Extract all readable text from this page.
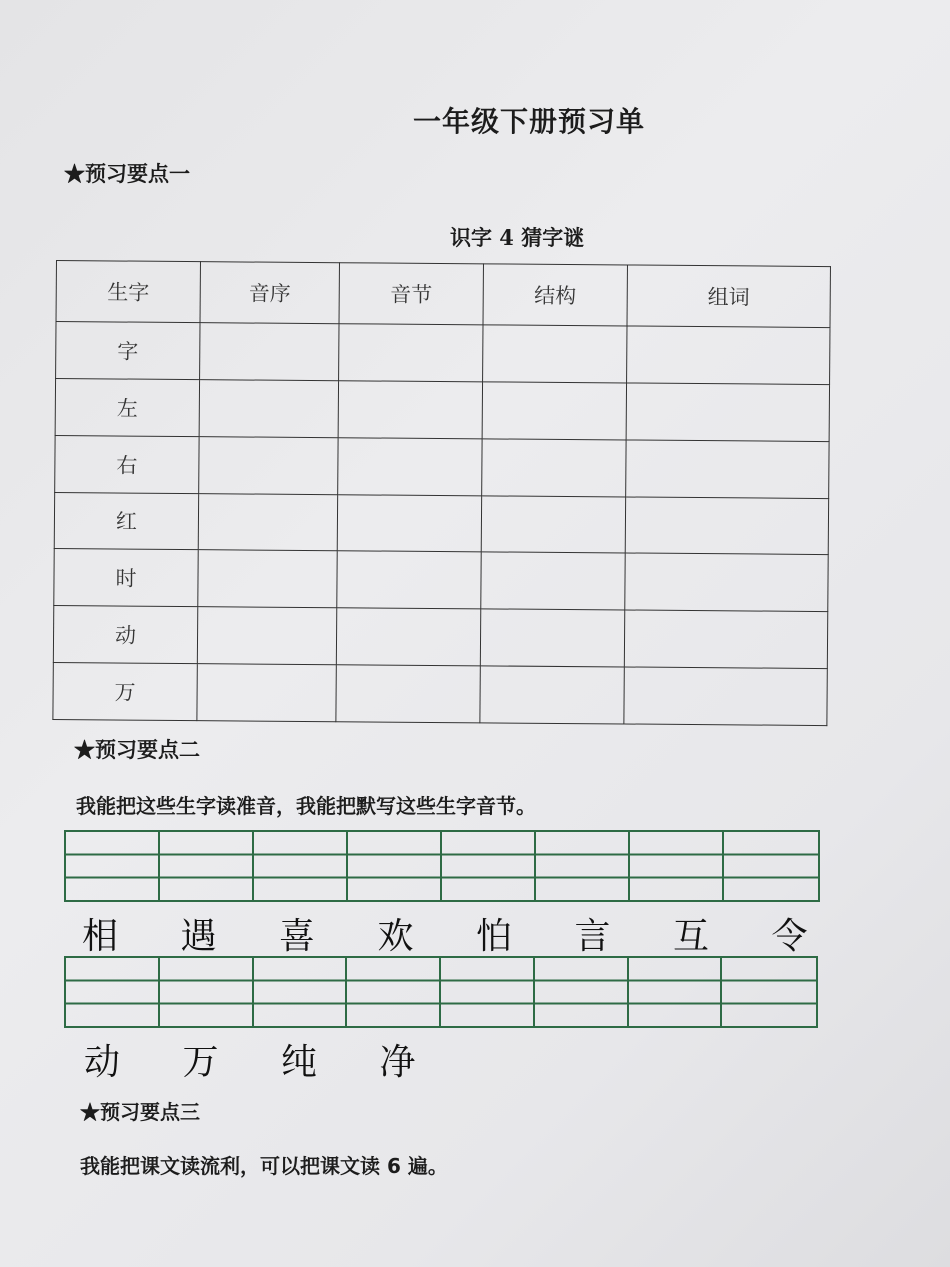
一年级下册预习单
★预习要点一
识字 4 猜字谜
生字	音序	音节	结构	组词
字				
左				
右				
红				
时				
动				
万				
★预习要点二
我能把这些生字读准音，我能把默写这些生字音节。
相	遇	喜	欢	怕	言	互	令
动	万	纯	净
★预习要点三
我能把课文读流利，可以把课文读 6 遍。
